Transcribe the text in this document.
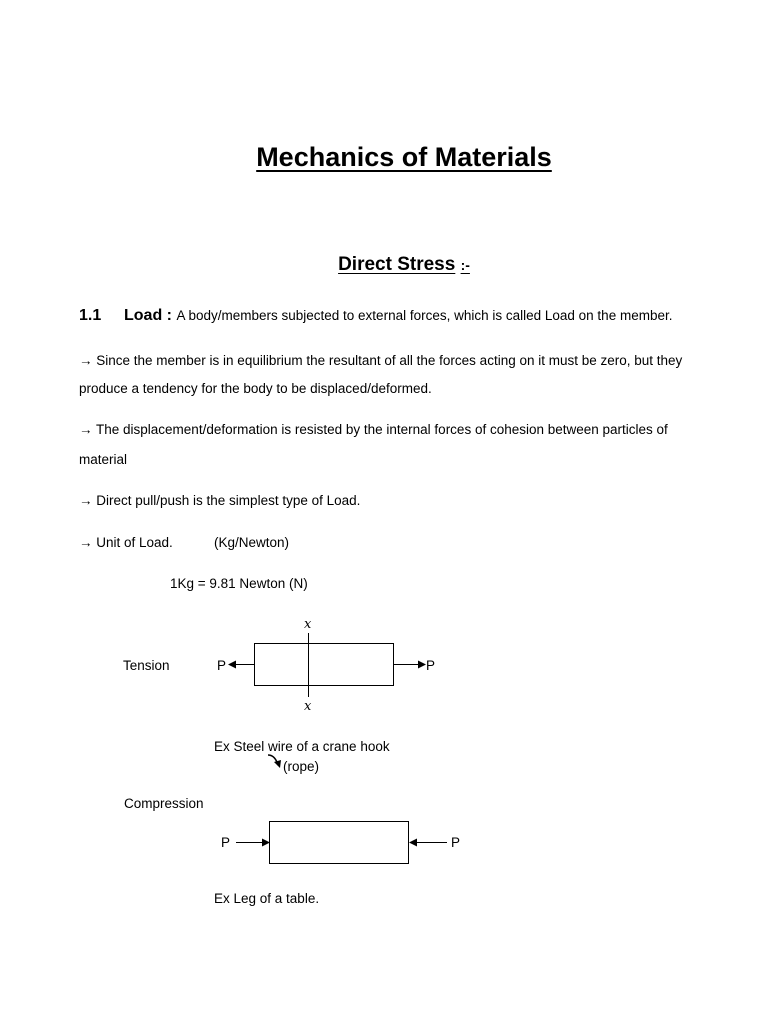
Mechanics of Materials
Direct Stress :-
1.1 Load : A body/members subjected to external forces, which is called Load on the member.
→ Since the member is in equilibrium the resultant of all the forces acting on it must be zero, but they
produce a tendency for the body to be displaced/deformed.
→ The displacement/deformation is resisted by the internal forces of cohesion between particles of
material
→ Direct pull/push is the simplest type of Load.
→ Unit of Load.	(Kg/Newton)
1Kg = 9.81 Newton (N)
Tension
x
x
P	P
Ex Steel wire of a crane hook
(rope)
Compression
P	P
Ex Leg of a table.
